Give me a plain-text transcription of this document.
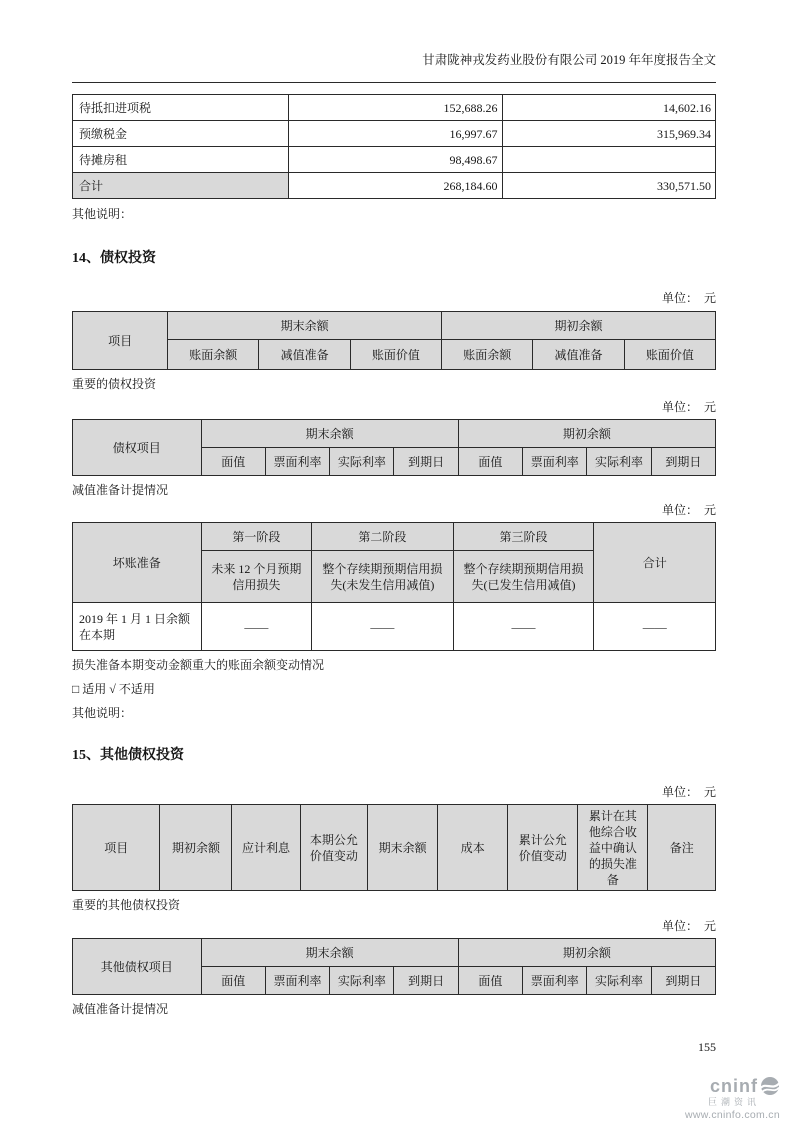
甘肃陇神戎发药业股份有限公司 2019 年年度报告全文
待抵扣进项税	152,688.26	14,602.16
预缴税金	16,997.67	315,969.34
待摊房租	98,498.67	
合计	268,184.60	330,571.50

其他说明：

14、债权投资
单位：　元
项目	期末余额			期初余额		
	账面余额	减值准备	账面价值	账面余额	减值准备	账面价值

重要的债权投资

单位：　元
债权项目	期末余额				期初余额			
	面值	票面利率	实际利率	到期日	面值	票面利率	实际利率	到期日

减值准备计提情况

单位：　元
坏账准备	第一阶段	第二阶段	第三阶段	合计
	未来 12 个月预期信用损失	整个存续期预期信用损失(未发生信用减值)	整个存续期预期信用损失(已发生信用减值)	
2019 年 1 月 1 日余额在本期	——	——	——	——

损失准备本期变动金额重大的账面余额变动情况

□ 适用 √ 不适用

其他说明：

15、其他债权投资
单位：　元
项目	期初余额	应计利息	本期公允价值变动	期末余额	成本	累计公允价值变动	累计在其他综合收益中确认的损失准备	备注

重要的其他债权投资

单位：　元
其他债权项目	期末余额				期初余额			
	面值	票面利率	实际利率	到期日	面值	票面利率	实际利率	到期日

减值准备计提情况

155
cninf
巨潮资讯
www.cninfo.com.cn
